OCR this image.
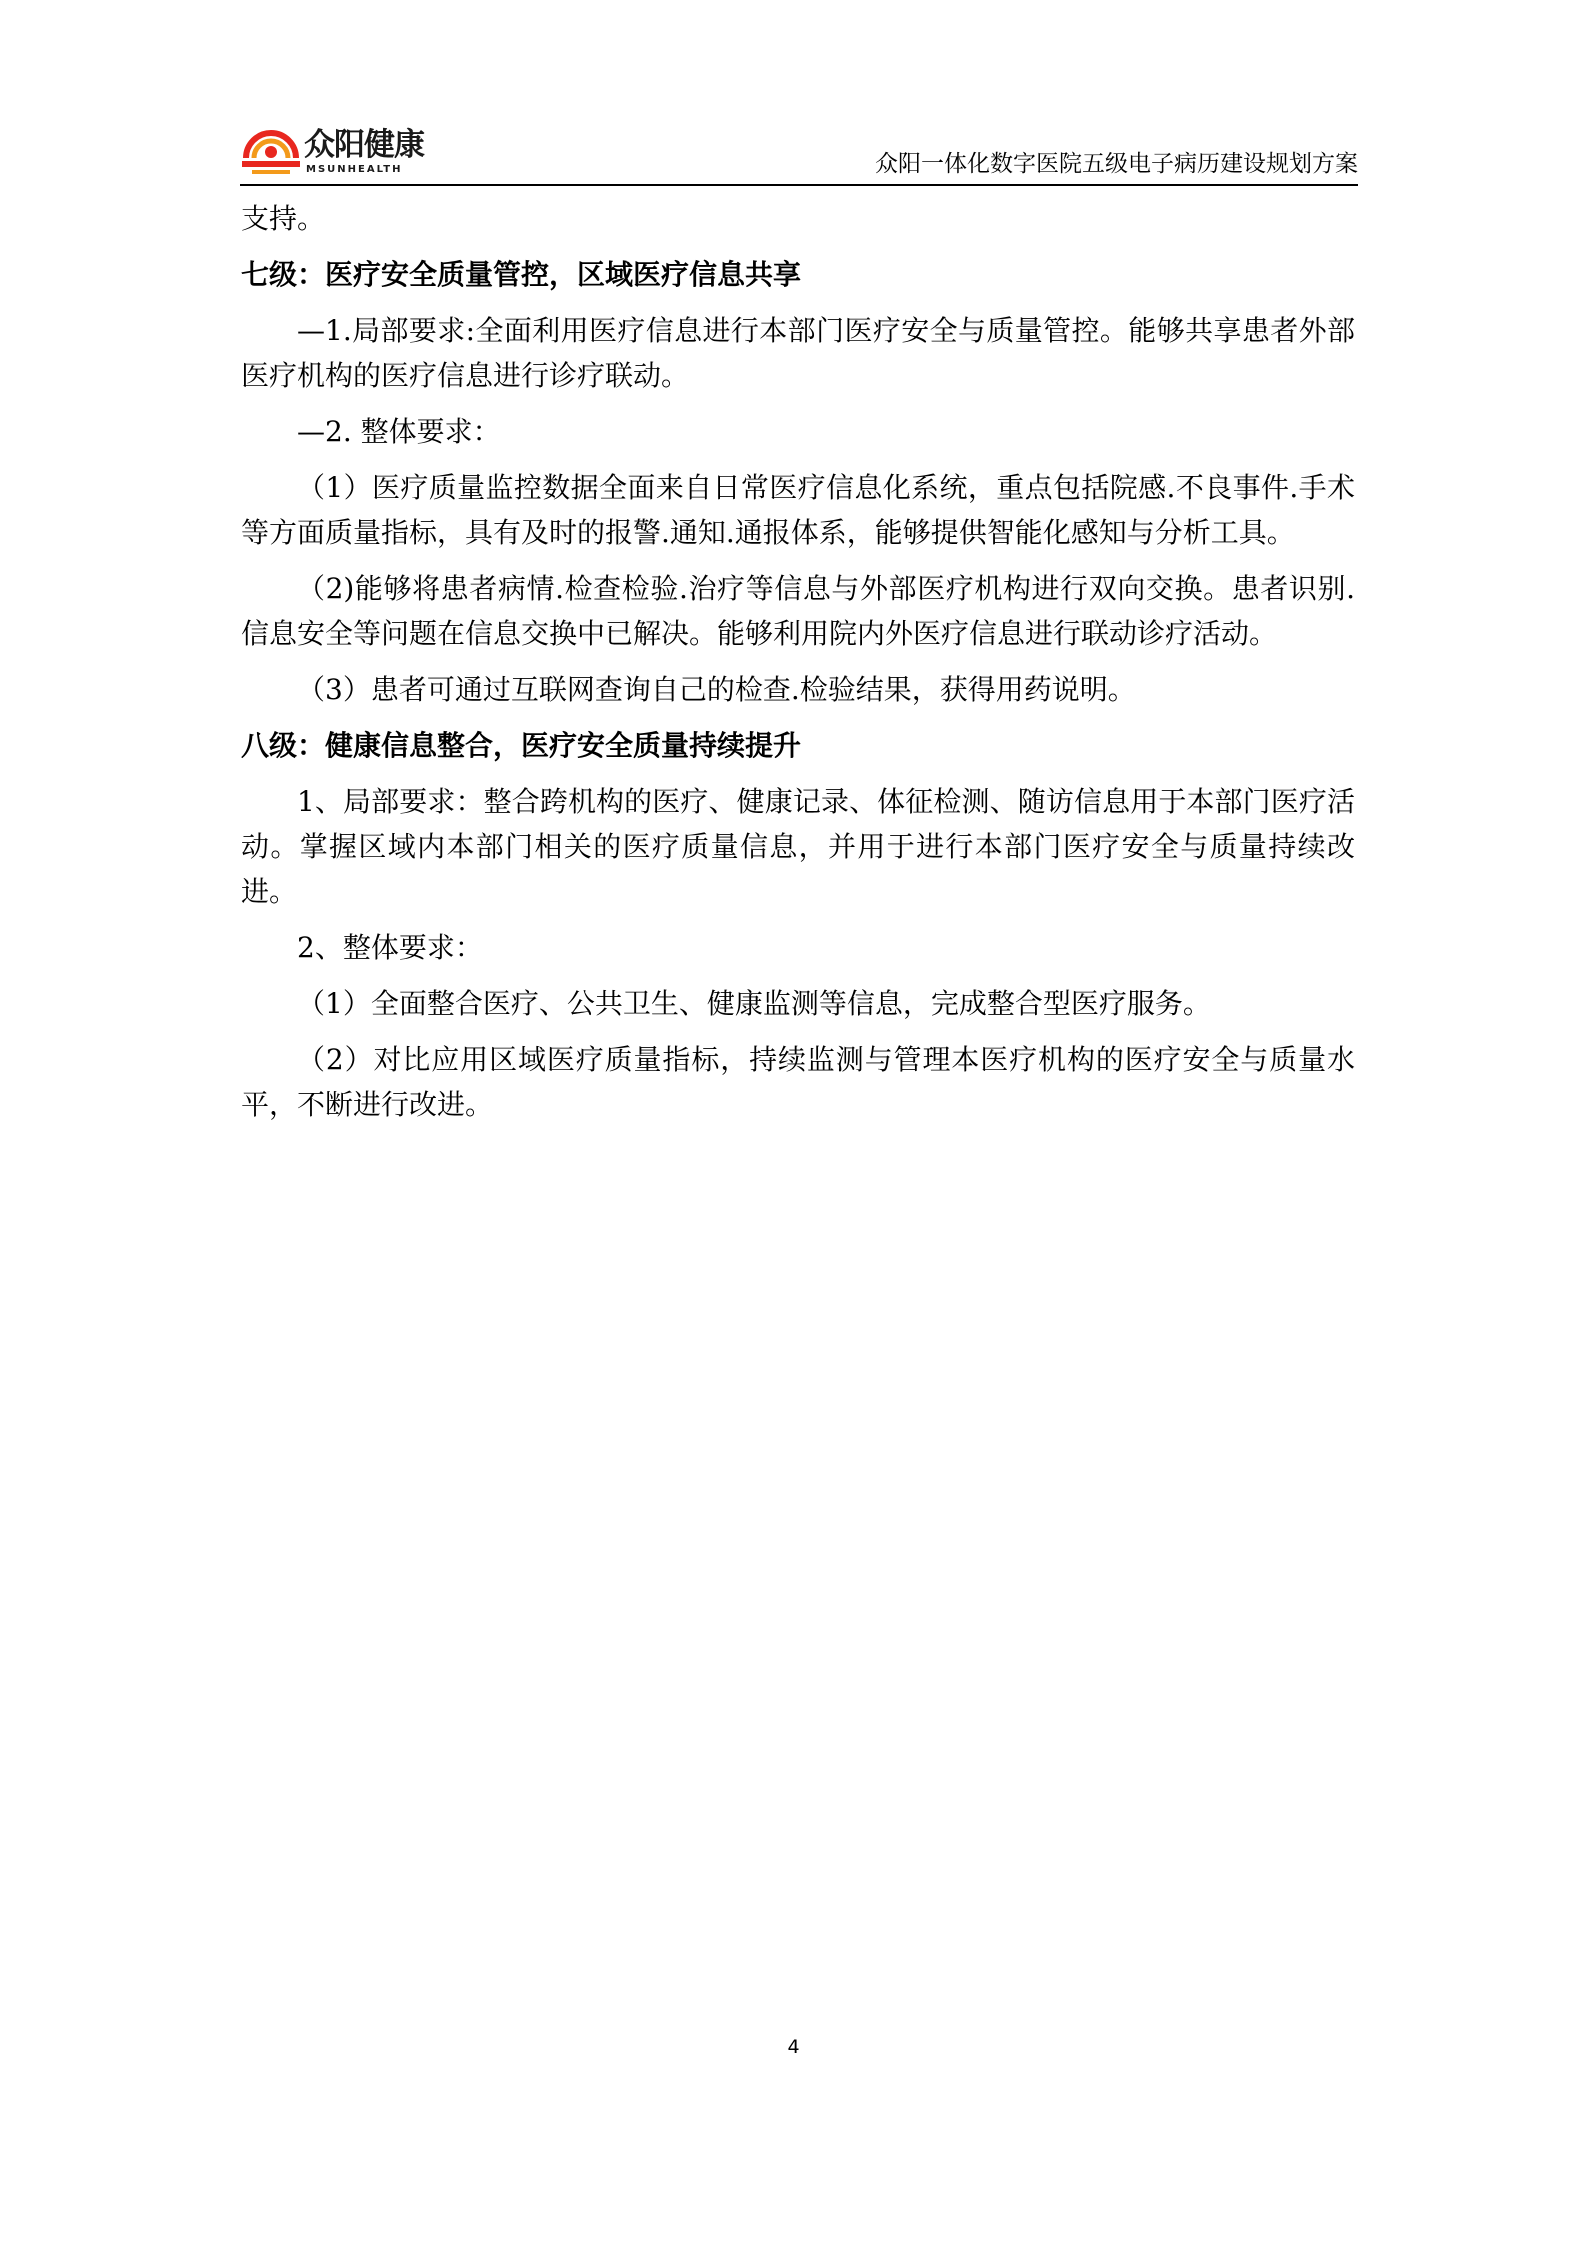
众阳健康
MSUNHEALTH	众阳一体化数字医院五级电子病历建设规划方案

支持。

七级：医疗安全质量管控，区域医疗信息共享

—1.局部要求:全面利用医疗信息进行本部门医疗安全与质量管控。能够共享患者外部医疗机构的医疗信息进行诊疗联动。

—2. 整体要求：

（1）医疗质量监控数据全面来自日常医疗信息化系统，重点包括院感.不良事件.手术等方面质量指标，具有及时的报警.通知.通报体系，能够提供智能化感知与分析工具。

（2)能够将患者病情.检查检验.治疗等信息与外部医疗机构进行双向交换。患者识别.信息安全等问题在信息交换中已解决。能够利用院内外医疗信息进行联动诊疗活动。

（3）患者可通过互联网查询自己的检查.检验结果，获得用药说明。

八级：健康信息整合，医疗安全质量持续提升

1、局部要求：整合跨机构的医疗、健康记录、体征检测、随访信息用于本部门医疗活动。掌握区域内本部门相关的医疗质量信息，并用于进行本部门医疗安全与质量持续改进。

2、整体要求：

（1）全面整合医疗、公共卫生、健康监测等信息，完成整合型医疗服务。

（2）对比应用区域医疗质量指标，持续监测与管理本医疗机构的医疗安全与质量水平，不断进行改进。

4
